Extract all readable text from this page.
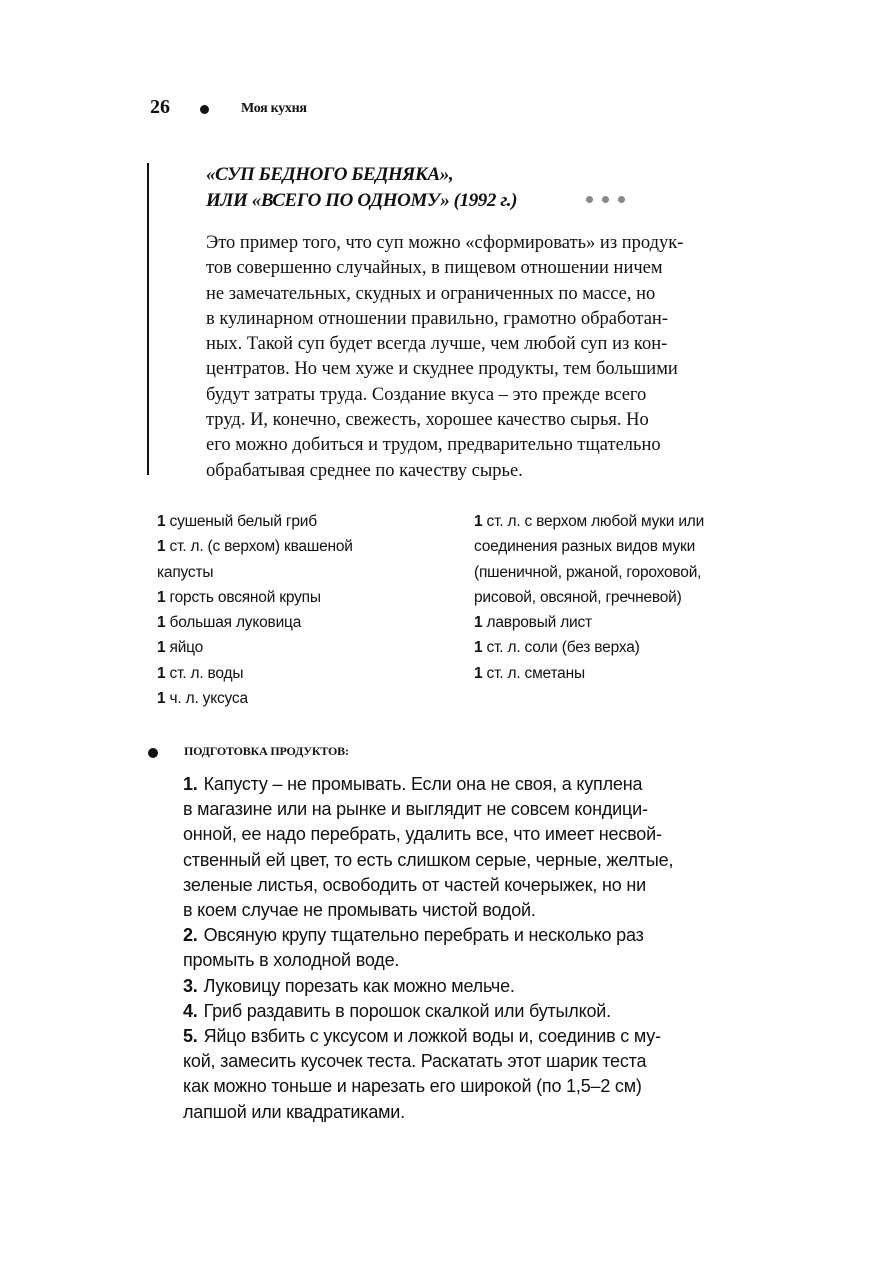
26	Моя кухня
«СУП БЕДНОГО БЕДНЯКА»,
ИЛИ «ВСЕГО ПО ОДНОМУ» (1992 г.)

Это пример того, что суп можно «сформировать» из продук-

тов совершенно случайных, в пищевом отношении ничем

не замечательных, скудных и ограниченных по массе, но

в кулинарном отношении правильно, грамотно обработан-

ных. Такой суп будет всегда лучше, чем любой суп из кон-

центратов. Но чем хуже и скуднее продукты, тем большими

будут затраты труда. Создание вкуса – это прежде всего

труд. И, конечно, свежесть, хорошее качество сырья. Но

его можно добиться и трудом, предварительно тщательно

обрабатывая среднее по качеству сырье.

1 сушеный белый гриб
1 ст. л. (с верхом) квашеной
капусты
1 горсть овсяной крупы
1 большая луковица
1 яйцо
1 ст. л. воды
1 ч. л. уксуса
1 ст. л. с верхом любой муки или
соединения разных видов муки
(пшеничной, ржаной, гороховой,
рисовой, овсяной, гречневой)
1 лавровый лист
1 ст. л. соли (без верха)
1 ст. л. сметаны
ПОДГОТОВКА ПРОДУКТОВ:
1. Капусту – не промывать. Если она не своя, а куплена
в магазине или на рынке и выглядит не совсем кондици-
онной, ее надо перебрать, удалить все, что имеет несвой-
ственный ей цвет, то есть слишком серые, черные, желтые,
зеленые листья, освободить от частей кочерыжек, но ни
в коем случае не промывать чистой водой.
2. Овсяную крупу тщательно перебрать и несколько раз
промыть в холодной воде.
3. Луковицу порезать как можно мельче.
4. Гриб раздавить в порошок скалкой или бутылкой.
5. Яйцо взбить с уксусом и ложкой воды и, соединив с му-
кой, замесить кусочек теста. Раскатать этот шарик теста
как можно тоньше и нарезать его широкой (по 1,5–2 см)
лапшой или квадратиками.
